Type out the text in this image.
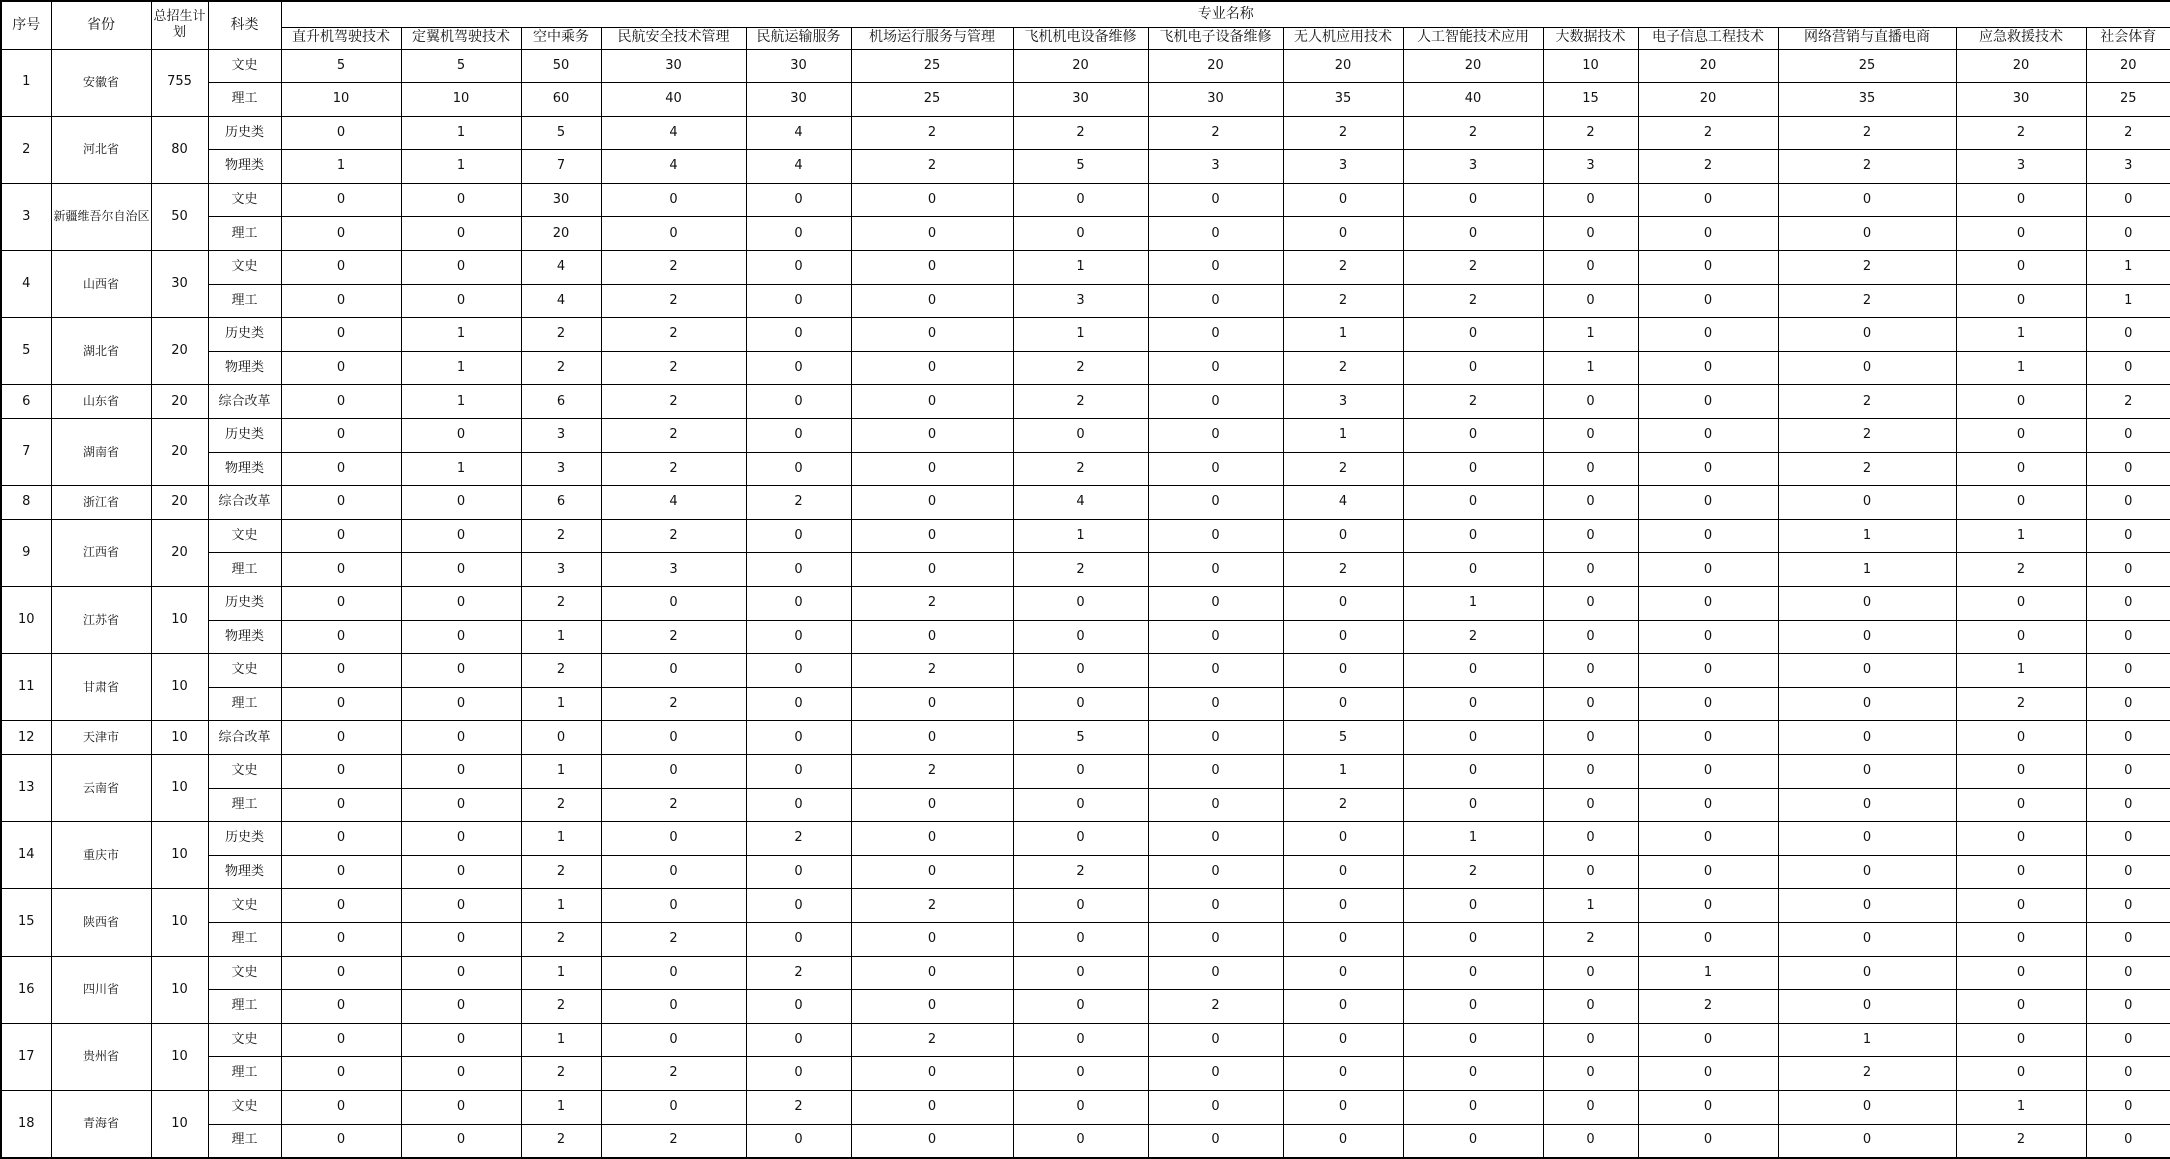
序号	省份	总招生计划	科类	专业名称														
				直升机驾驶技术	定翼机驾驶技术	空中乘务	民航安全技术管理	民航运输服务	机场运行服务与管理	飞机机电设备维修	飞机电子设备维修	无人机应用技术	人工智能技术应用	大数据技术	电子信息工程技术	网络营销与直播电商	应急救援技术	社会体育
1	安徽省	755	文史	5	5	50	30	30	25	20	20	20	20	10	20	25	20	20
			理工	10	10	60	40	30	25	30	30	35	40	15	20	35	30	25
2	河北省	80	历史类	0	1	5	4	4	2	2	2	2	2	2	2	2	2	2
			物理类	1	1	7	4	4	2	5	3	3	3	3	2	2	3	3
3	新疆维吾尔自治区	50	文史	0	0	30	0	0	0	0	0	0	0	0	0	0	0	0
			理工	0	0	20	0	0	0	0	0	0	0	0	0	0	0	0
4	山西省	30	文史	0	0	4	2	0	0	1	0	2	2	0	0	2	0	1
			理工	0	0	4	2	0	0	3	0	2	2	0	0	2	0	1
5	湖北省	20	历史类	0	1	2	2	0	0	1	0	1	0	1	0	0	1	0
			物理类	0	1	2	2	0	0	2	0	2	0	1	0	0	1	0
6	山东省	20	综合改革	0	1	6	2	0	0	2	0	3	2	0	0	2	0	2
7	湖南省	20	历史类	0	0	3	2	0	0	0	0	1	0	0	0	2	0	0
			物理类	0	1	3	2	0	0	2	0	2	0	0	0	2	0	0
8	浙江省	20	综合改革	0	0	6	4	2	0	4	0	4	0	0	0	0	0	0
9	江西省	20	文史	0	0	2	2	0	0	1	0	0	0	0	0	1	1	0
			理工	0	0	3	3	0	0	2	0	2	0	0	0	1	2	0
10	江苏省	10	历史类	0	0	2	0	0	2	0	0	0	1	0	0	0	0	0
			物理类	0	0	1	2	0	0	0	0	0	2	0	0	0	0	0
11	甘肃省	10	文史	0	0	2	0	0	2	0	0	0	0	0	0	0	1	0
			理工	0	0	1	2	0	0	0	0	0	0	0	0	0	2	0
12	天津市	10	综合改革	0	0	0	0	0	0	5	0	5	0	0	0	0	0	0
13	云南省	10	文史	0	0	1	0	0	2	0	0	1	0	0	0	0	0	0
			理工	0	0	2	2	0	0	0	0	2	0	0	0	0	0	0
14	重庆市	10	历史类	0	0	1	0	2	0	0	0	0	1	0	0	0	0	0
			物理类	0	0	2	0	0	0	2	0	0	2	0	0	0	0	0
15	陕西省	10	文史	0	0	1	0	0	2	0	0	0	0	1	0	0	0	0
			理工	0	0	2	2	0	0	0	0	0	0	2	0	0	0	0
16	四川省	10	文史	0	0	1	0	2	0	0	0	0	0	0	1	0	0	0
			理工	0	0	2	0	0	0	0	2	0	0	0	2	0	0	0
17	贵州省	10	文史	0	0	1	0	0	2	0	0	0	0	0	0	1	0	0
			理工	0	0	2	2	0	0	0	0	0	0	0	0	2	0	0
18	青海省	10	文史	0	0	1	0	2	0	0	0	0	0	0	0	0	1	0
			理工	0	0	2	2	0	0	0	0	0	0	0	0	0	2	0
